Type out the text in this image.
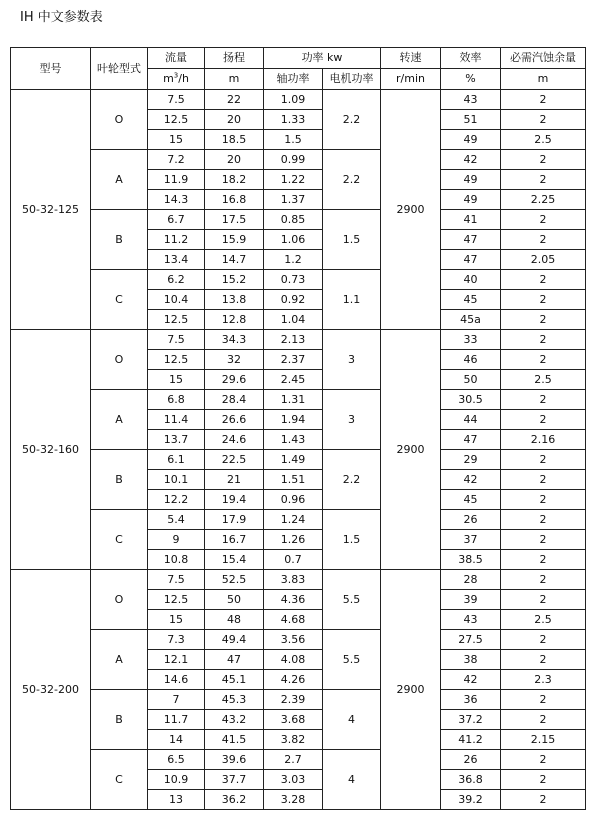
IH 中文参数表
型号	叶轮型式	流量	扬程	功率 kw		转速	效率	必需汽蚀余量
		$m^3/h$	m	轴功率	电机功率	r/min	%	m
50-32-125	O	7.5	22	1.09	2.2	2900	43	2
		12.5	20	1.33			51	2
		15	18.5	1.5			49	2.5
	A	7.2	20	0.99	2.2		42	2
		11.9	18.2	1.22			49	2
		14.3	16.8	1.37			49	2.25
	B	6.7	17.5	0.85	1.5		41	2
		11.2	15.9	1.06			47	2
		13.4	14.7	1.2			47	2.05
	C	6.2	15.2	0.73	1.1		40	2
		10.4	13.8	0.92			45	2
		12.5	12.8	1.04			45a	2
50-32-160	O	7.5	34.3	2.13	3	2900	33	2
		12.5	32	2.37			46	2
		15	29.6	2.45			50	2.5
	A	6.8	28.4	1.31	3		30.5	2
		11.4	26.6	1.94			44	2
		13.7	24.6	1.43			47	2.16
	B	6.1	22.5	1.49	2.2		29	2
		10.1	21	1.51			42	2
		12.2	19.4	0.96			45	2
	C	5.4	17.9	1.24	1.5		26	2
		9	16.7	1.26			37	2
		10.8	15.4	0.7			38.5	2
50-32-200	O	7.5	52.5	3.83	5.5	2900	28	2
		12.5	50	4.36			39	2
		15	48	4.68			43	2.5
	A	7.3	49.4	3.56	5.5		27.5	2
		12.1	47	4.08			38	2
		14.6	45.1	4.26			42	2.3
	B	7	45.3	2.39	4		36	2
		11.7	43.2	3.68			37.2	2
		14	41.5	3.82			41.2	2.15
	C	6.5	39.6	2.7	4		26	2
		10.9	37.7	3.03			36.8	2
		13	36.2	3.28			39.2	2
